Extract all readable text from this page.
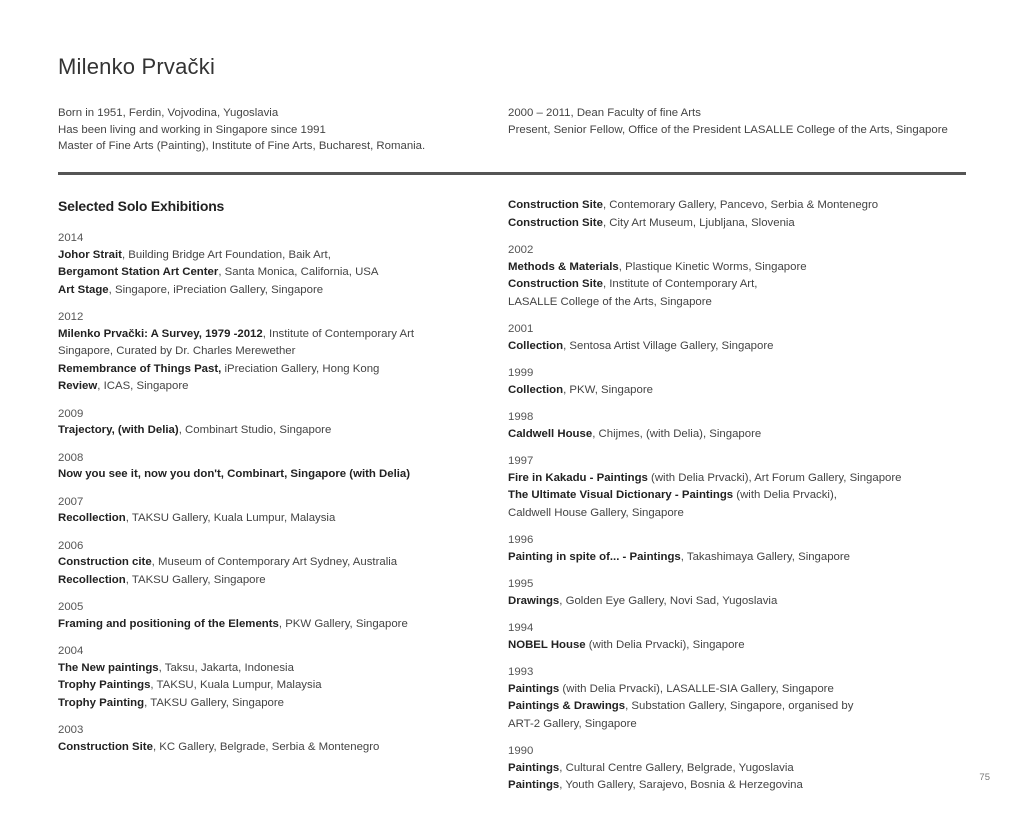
Milenko Prvački
Born in 1951, Ferdin, Vojvodina, Yugoslavia
Has been living and working in Singapore since 1991
Master of Fine Arts (Painting), Institute of Fine Arts, Bucharest, Romania.
2000 – 2011, Dean Faculty of fine Arts
Present, Senior Fellow, Office of the President LASALLE College of the Arts, Singapore
Selected Solo Exhibitions
2014
Johor Strait, Building Bridge Art Foundation, Baik Art,
Bergamont Station Art Center, Santa Monica, California, USA
Art Stage, Singapore, iPreciation Gallery, Singapore
2012
Milenko Prvački: A Survey, 1979 -2012, Institute of Contemporary Art
Singapore, Curated by Dr. Charles Merewether
Remembrance of Things Past, iPreciation Gallery, Hong Kong
Review, ICAS, Singapore
2009
Trajectory, (with Delia), Combinart Studio, Singapore
2008
Now you see it, now you don't, Combinart, Singapore (with Delia)
2007
Recollection, TAKSU Gallery, Kuala Lumpur, Malaysia
2006
Construction cite, Museum of Contemporary Art Sydney, Australia
Recollection, TAKSU Gallery, Singapore
2005
Framing and positioning of the Elements, PKW Gallery, Singapore
2004
The New paintings, Taksu, Jakarta, Indonesia
Trophy Paintings, TAKSU, Kuala Lumpur, Malaysia
Trophy Painting, TAKSU Gallery, Singapore
2003
Construction Site, KC Gallery, Belgrade, Serbia & Montenegro
Construction Site, Contemorary Gallery, Pancevo, Serbia & Montenegro
Construction Site, City Art Museum, Ljubljana, Slovenia
2002
Methods & Materials, Plastique Kinetic Worms, Singapore
Construction Site, Institute of Contemporary Art,
LASALLE College of the Arts, Singapore
2001
Collection, Sentosa Artist Village Gallery, Singapore
1999
Collection, PKW, Singapore
1998
Caldwell House, Chijmes, (with Delia), Singapore
1997
Fire in Kakadu - Paintings (with Delia Prvacki), Art Forum Gallery, Singapore
The Ultimate Visual Dictionary - Paintings (with Delia Prvacki),
Caldwell House Gallery, Singapore
1996
Painting in spite of... - Paintings, Takashimaya Gallery, Singapore
1995
Drawings, Golden Eye Gallery, Novi Sad, Yugoslavia
1994
NOBEL House (with Delia Prvacki), Singapore
1993
Paintings (with Delia Prvacki), LASALLE-SIA Gallery, Singapore
Paintings & Drawings, Substation Gallery, Singapore, organised by
ART-2 Gallery, Singapore
1990
Paintings, Cultural Centre Gallery, Belgrade, Yugoslavia
Paintings, Youth Gallery, Sarajevo, Bosnia & Herzegovina
75
